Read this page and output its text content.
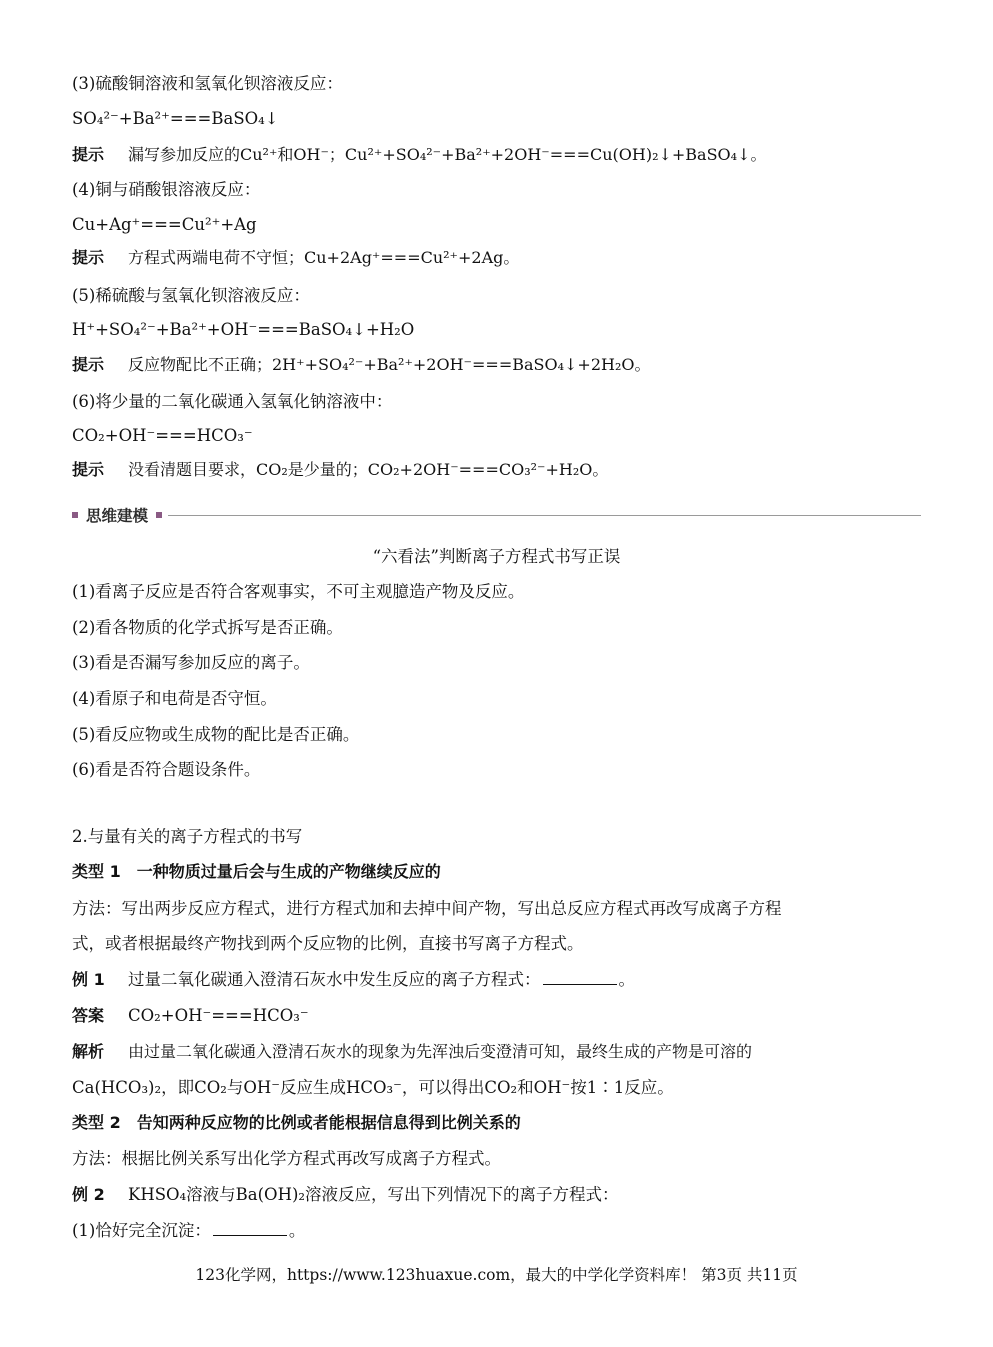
(3)硫酸铜溶液和氢氧化钡溶液反应：
SO₄²⁻+Ba²⁺===BaSO₄↓
提示 漏写参加反应的Cu²⁺和OH⁻；Cu²⁺+SO₄²⁻+Ba²⁺+2OH⁻===Cu(OH)₂↓+BaSO₄↓。
(4)铜与硝酸银溶液反应：
Cu+Ag⁺===Cu²⁺+Ag
提示 方程式两端电荷不守恒；Cu+2Ag⁺===Cu²⁺+2Ag。
(5)稀硫酸与氢氧化钡溶液反应：
H⁺+SO₄²⁻+Ba²⁺+OH⁻===BaSO₄↓+H₂O
提示 反应物配比不正确；2H⁺+SO₄²⁻+Ba²⁺+2OH⁻===BaSO₄↓+2H₂O。
(6)将少量的二氧化碳通入氢氧化钠溶液中：
CO₂+OH⁻===HCO₃⁻
提示 没看清题目要求，CO₂是少量的；CO₂+2OH⁻===CO₃²⁻+H₂O。
思维建模
“六看法”判断离子方程式书写正误
(1)看离子反应是否符合客观事实，不可主观臆造产物及反应。
(2)看各物质的化学式拆写是否正确。
(3)看是否漏写参加反应的离子。
(4)看原子和电荷是否守恒。
(5)看反应物或生成物的配比是否正确。
(6)看是否符合题设条件。
2.与量有关的离子方程式的书写
类型 1　一种物质过量后会与生成的产物继续反应的
方法：写出两步反应方程式，进行方程式加和去掉中间产物，写出总反应方程式再改写成离子方程
式，或者根据最终产物找到两个反应物的比例，直接书写离子方程式。
例 1 过量二氧化碳通入澄清石灰水中发生反应的离子方程式：	。
答案 CO₂+OH⁻===HCO₃⁻
解析 由过量二氧化碳通入澄清石灰水的现象为先浑浊后变澄清可知，最终生成的产物是可溶的
Ca(HCO₃)₂，即CO₂与OH⁻反应生成HCO₃⁻，可以得出CO₂和OH⁻按1∶1反应。
类型 2　告知两种反应物的比例或者能根据信息得到比例关系的
方法：根据比例关系写出化学方程式再改写成离子方程式。
例 2 KHSO₄溶液与Ba(OH)₂溶液反应，写出下列情况下的离子方程式：
(1)恰好完全沉淀：	。
123化学网，https://www.123huaxue.com，最大的中学化学资料库！ 第3页 共11页
